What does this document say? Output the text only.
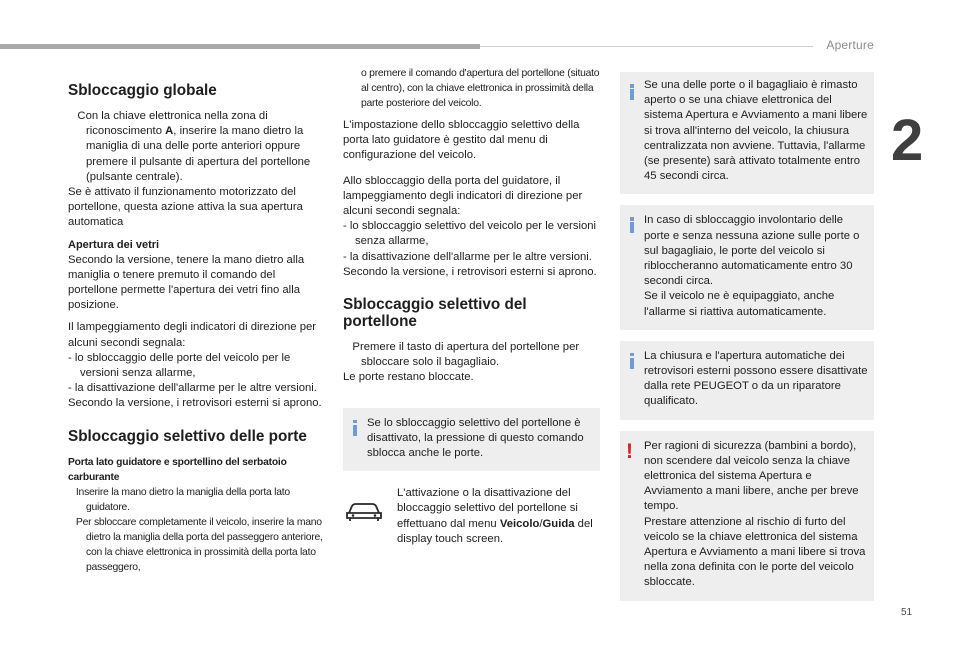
Aperture
2
51
Sbloccaggio globale

Con la chiave elettronica nella zona di riconoscimento A, inserire la mano dietro la maniglia di una delle porte anteriori oppure premere il pulsante di apertura del portellone (pulsante centrale).

Se è attivato il funzionamento motorizzato del portellone, questa azione attiva la sua apertura automatica

Apertura dei vetri

Secondo la versione, tenere la mano dietro alla maniglia o tenere premuto il comando del portellone permette l'apertura dei vetri fino alla posizione.

Il lampeggiamento degli indicatori di direzione per alcuni secondi segnala:

- lo sbloccaggio delle porte del veicolo per le versioni senza allarme,

- la disattivazione dell'allarme per le altre versioni.

Secondo la versione, i retrovisori esterni si aprono.

Sbloccaggio selettivo delle porte
Porta lato guidatore e sportellino del serbatoio carburante

Inserire la mano dietro la maniglia della porta lato guidatore.

Per sbloccare completamente il veicolo, inserire la mano dietro la maniglia della porta del passeggero anteriore, con la chiave elettronica in prossimità della porta lato passeggero,

o premere il comando d'apertura del portellone (situato al centro), con la chiave elettronica in prossimità della parte posteriore del veicolo.

L'impostazione dello sbloccaggio selettivo della porta lato guidatore è gestito dal menu di configurazione del veicolo.

Allo sbloccaggio della porta del guidatore, il lampeggiamento degli indicatori di direzione per alcuni secondi segnala:

- lo sbloccaggio selettivo del veicolo per le versioni senza allarme,

- la disattivazione dell'allarme per le altre versioni.

Secondo la versione, i retrovisori esterni si aprono.

Sbloccaggio selettivo del portellone

Premere il tasto di apertura del portellone per sbloccare solo il bagagliaio.

Le porte restano bloccate.

Se lo sbloccaggio selettivo del portellone è disattivato, la pressione di questo comando sblocca anche le porte.

L'attivazione o la disattivazione del bloccaggio selettivo del portellone si effettuano dal menu Veicolo/Guida del display touch screen.

Se una delle porte o il bagagliaio è rimasto aperto o se una chiave elettronica del sistema Apertura e Avviamento a mani libere si trova all'interno del veicolo, la chiusura centralizzata non avviene. Tuttavia, l'allarme (se presente) sarà attivato totalmente entro 45 secondi circa.

In caso di sbloccaggio involontario delle porte e senza nessuna azione sulle porte o sul bagagliaio, le porte del veicolo si ribloccheranno automaticamente entro 30 secondi circa.

Se il veicolo ne è equipaggiato, anche l'allarme si riattiva automaticamente.

La chiusura e l'apertura automatiche dei retrovisori esterni possono essere disattivate dalla rete PEUGEOT o da un riparatore qualificato.

! Per ragioni di sicurezza (bambini a bordo), non scendere dal veicolo senza la chiave elettronica del sistema Apertura e Avviamento a mani libere, anche per breve tempo.

Prestare attenzione al rischio di furto del veicolo se la chiave elettronica del sistema Apertura e Avviamento a mani libere si trova nella zona definita con le porte del veicolo sbloccate.
